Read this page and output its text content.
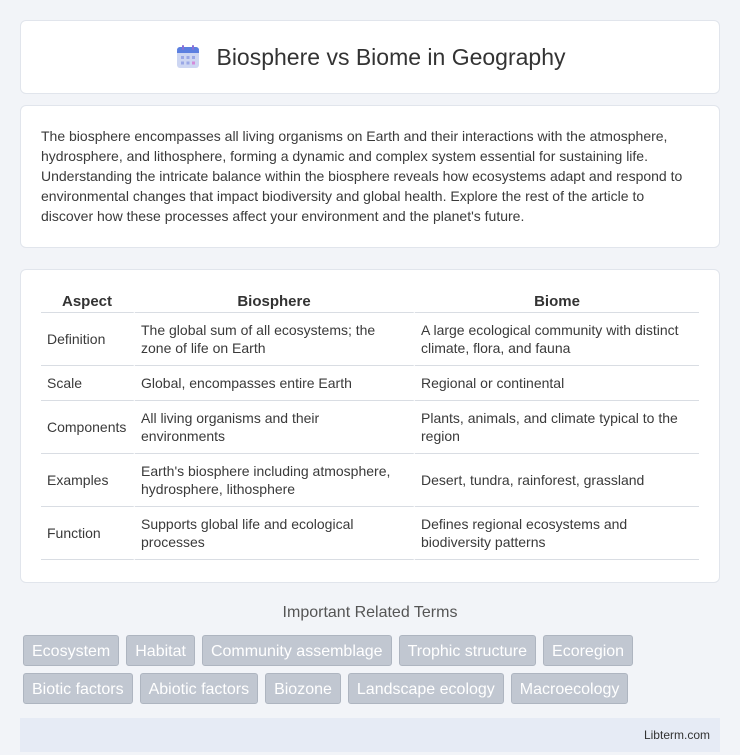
Biosphere vs Biome in Geography

The biosphere encompasses all living organisms on Earth and their interactions with the atmosphere, hydrosphere, and lithosphere, forming a dynamic and complex system essential for sustaining life. Understanding the intricate balance within the biosphere reveals how ecosystems adapt and respond to environmental changes that impact biodiversity and global health. Explore the rest of the article to discover how these processes affect your environment and the planet's future.

Aspect	Biosphere	Biome
Definition	The global sum of all ecosystems; the zone of life on Earth	A large ecological community with distinct climate, flora, and fauna
Scale	Global, encompasses entire Earth	Regional or continental
Components	All living organisms and their environments	Plants, animals, and climate typical to the region
Examples	Earth's biosphere including atmosphere, hydrosphere, lithosphere	Desert, tundra, rainforest, grassland
Function	Supports global life and ecological processes	Defines regional ecosystems and biodiversity patterns
Important Related Terms
Ecosystem	Habitat	Community assemblage	Trophic structure	Ecoregion
Biotic factors	Abiotic factors	Biozone	Landscape ecology	Macroecology
Libterm.com
